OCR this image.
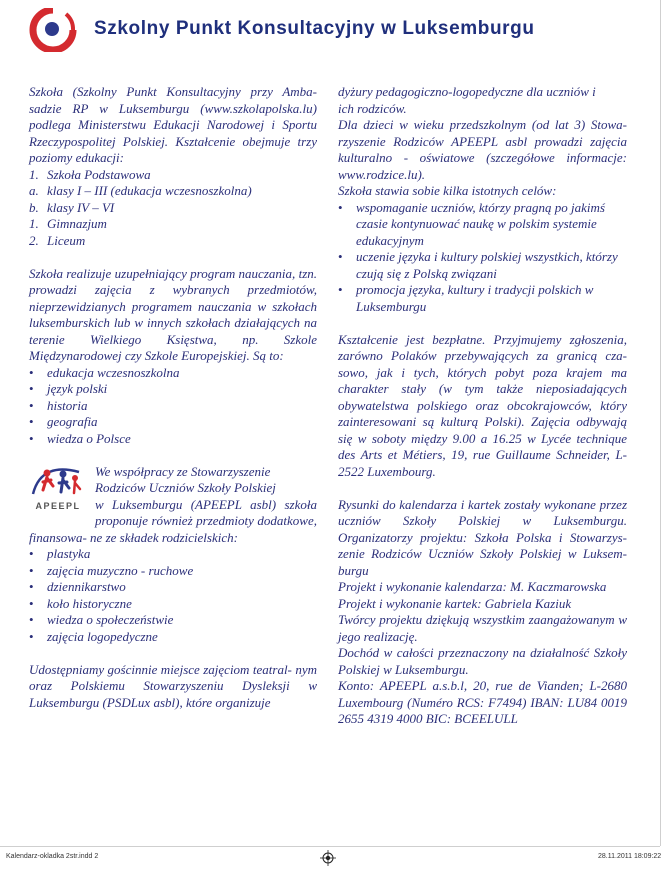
Szkolny Punkt Konsultacyjny w Luksemburgu

Szkoła (Szkolny Punkt Konsultacyjny przy Amba- sadzie RP w Luksemburgu (www.szkolapolska.lu) podlega Ministerstwu Edukacji Narodowej i Sportu Rzeczypospolitej Polskiej. Kształcenie obejmuje trzy poziomy edukacji:

1. Szkoła Podstawowa
a. klasy I – III (edukacja wczesnoszkolna)
b. klasy IV – VI
1. Gimnazjum
2. Liceum

Szkoła realizuje uzupełniający program nauczania, tzn. prowadzi zajęcia z wybranych przedmiotów, nieprzewidzianych programem nauczania w szkołach luksemburskich lub w innych szkołach działających na terenie Wielkiego Księstwa, np. Szkole Międzynarodowej czy Szkole Europejskiej. Są to:

• edukacja wczesnoszkolna
• język polski
• historia
• geografia
• wiedza o Polsce
APEEPL

We współpracy ze Stowarzyszenie
Rodziców Uczniów Szkoły Polskiej
w Luksemburgu (APEEPL asbl) szkoła proponuje również przedmioty dodatkowe, finansowa- ne ze składek rodzicielskich:

• plastyka
• zajęcia muzyczno - ruchowe
• dziennikarstwo
• koło historyczne
• wiedza o społeczeństwie
• zajęcia logopedyczne

Udostępniamy gościnnie miejsce zajęciom teatral- nym oraz Polskiemu Stowarzyszeniu Dysleksji w Luksemburgu (PSDLux asbl), które organizuje

dyżury pedagogiczno-logopedyczne dla uczniów i
ich rodziców.
Dla dzieci w wieku przedszkolnym (od lat 3) Stowa- rzyszenie Rodziców APEEPL asbl prowadzi zajęcia kulturalno - oświatowe (szczegółowe informacje: www.rodzice.lu).
Szkoła stawia sobie kilka istotnych celów:

• wspomaganie uczniów, którzy pragną po jakimś czasie kontynuować naukę w polskim systemie edukacyjnym
• uczenie języka i kultury polskiej wszystkich, którzy czują się z Polską związani
• promocja języka, kultury i tradycji polskich w Luksemburgu

Kształcenie jest bezpłatne. Przyjmujemy zgłoszenia, zarówno Polaków przebywających za granicą cza- sowo, jak i tych, których pobyt poza krajem ma charakter stały (w tym także nieposiadających obywatelstwa polskiego oraz obcokrajowców, który zainteresowani są kulturą Polski). Zajęcia odbywają się w soboty między 9.00 a 16.25 w Lycée technique des Arts et Métiers, 19, rue Guillaume Schneider, L-2522 Luxembourg.

Rysunki do kalendarza i kartek zostały wykonane przez uczniów Szkoły Polskiej w Luksemburgu. Organizatorzy projektu: Szkoła Polska i Stowarzys- zenie Rodziców Uczniów Szkoły Polskiej w Luksem- burgu
Projekt i wykonanie kalendarza: M. Kaczmarowska
Projekt i wykonanie kartek: Gabriela Kaziuk
Twórcy projektu dziękują wszystkim zaangażowanym w jego realizację.
Dochód w całości przeznaczony na działalność Szkoły Polskiej w Luksemburgu.
Konto: APEEPL a.s.b.l, 20, rue de Vianden; L-2680 Luxembourg (Numéro RCS: F7494) IBAN: LU84 0019 2655 4319 4000 BIC: BCEELULL

Kalendarz-okladka 2str.indd 2	28.11.2011 18:09:22
